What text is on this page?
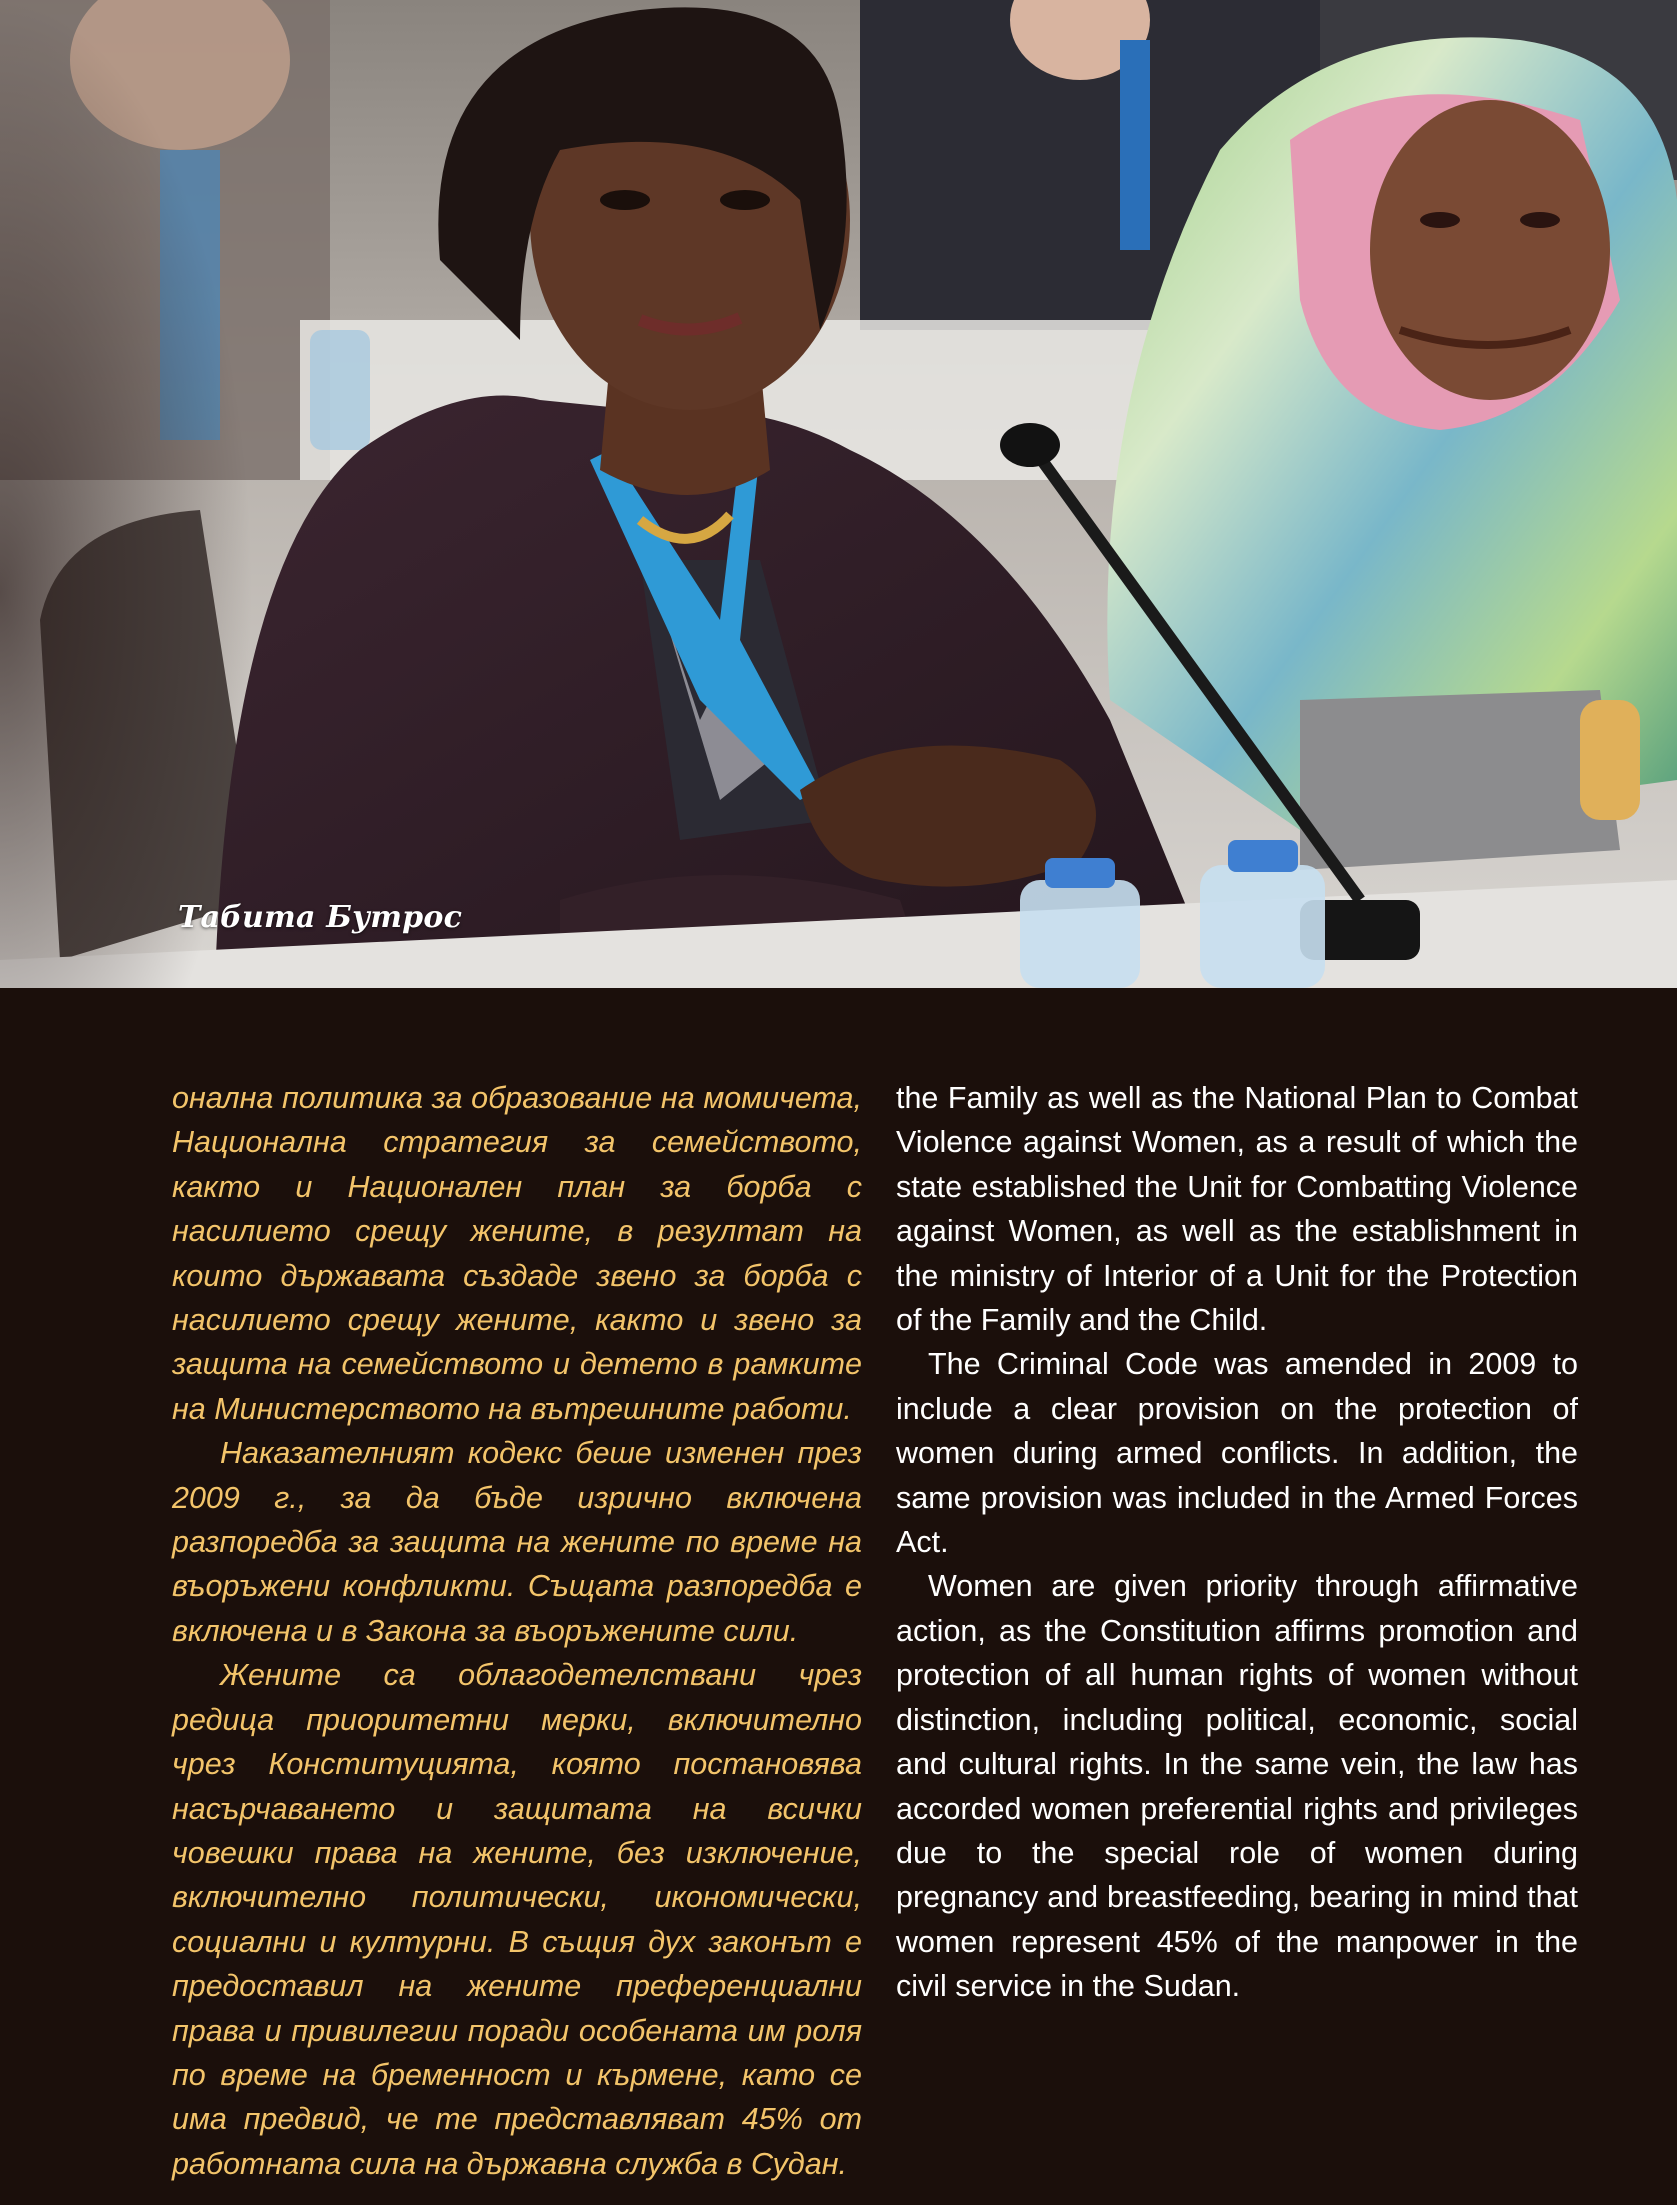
Табита Бутрос

онална политика за образование на момичета, Национална стратегия за семейството, както и Национален план за борба с насилието срещу жените, в резултат на които държавата създаде звено за борба с насилието срещу жените, както и звено за защита на семейството и детето в рамките на Министерството на вътрешните работи.

Наказателният кодекс беше изменен през 2009 г., за да бъде изрично включена разпоредба за защита на жените по време на въоръжени конфликти. Същата разпоредба е включена и в Закона за въоръжените сили.

Жените са облагодетелствани чрез редица приоритетни мерки, включително чрез Конституцията, която постановява насърчаването и защитата на всички човешки права на жените, без изключение, включително политически, икономически, социални и културни. В същия дух законът е предоставил на жените преференциални права и привилегии поради особената им роля по време на бременност и кърмене, като се има предвид, че те представляват 45% от работната сила на държавна служба в Судан.

the Family as well as the National Plan to Combat Violence against Women, as a result of which the state established the Unit for Combatting Violence against Women, as well as the establishment in the ministry of Interior of a Unit for the Protection of the Family and the Child.

The Criminal Code was amended in 2009 to include a clear provision on the protection of women during armed conflicts. In addition, the same provision was included in the Armed Forces Act.

Women are given priority through affirmative action, as the Constitution affirms promotion and protection of all human rights of women without distinction, including political, economic, social and cultural rights. In the same vein, the law has accorded women preferential rights and privileges due to the special role of women during pregnancy and breastfeeding, bearing in mind that women represent 45% of the manpower in the civil service in the Sudan.
